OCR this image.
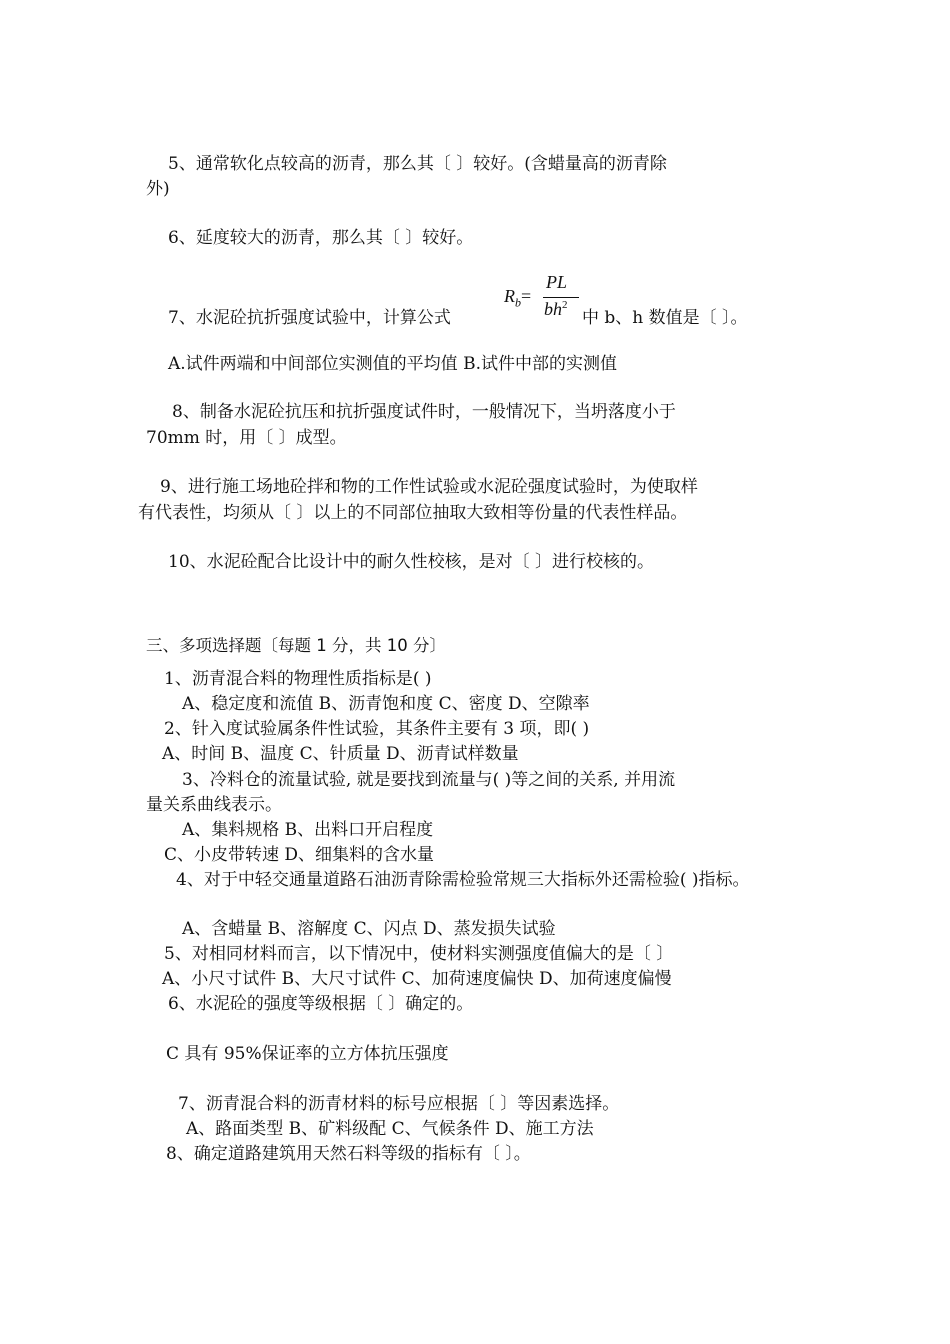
5、通常软化点较高的沥青，那么其〔 〕较好。(含蜡量高的沥青除
外)
6、延度较大的沥青，那么其〔 〕较好。
7、水泥砼抗折强度试验中，计算公式
$R_b=$
PL
$bh^2$
中 b、h 数值是〔 〕。
A.试件两端和中间部位实测值的平均值 B.试件中部的实测值
8、制备水泥砼抗压和抗折强度试件时，一般情况下，当坍落度小于
70mm 时，用〔 〕成型。
9、进行施工场地砼拌和物的工作性试验或水泥砼强度试验时，为使取样
有代表性，均须从〔 〕以上的不同部位抽取大致相等份量的代表性样品。
10、水泥砼配合比设计中的耐久性校核，是对〔 〕进行校核的。
三、多项选择题〔每题 1 分，共 10 分〕
1、沥青混合料的物理性质指标是( )
A、稳定度和流值 B、沥青饱和度 C、密度 D、空隙率
2、针入度试验属条件性试验，其条件主要有 3 项，即( )
A、时间 B、温度 C、针质量 D、沥青试样数量
3、冷料仓的流量试验, 就是要找到流量与( )等之间的关系, 并用流
量关系曲线表示。
A、集料规格 B、出料口开启程度
C、小皮带转速 D、细集料的含水量
4、对于中轻交通量道路石油沥青除需检验常规三大指标外还需检验( )指标。
A、含蜡量 B、溶解度 C、闪点 D、蒸发损失试验
5、对相同材料而言，以下情况中，使材料实测强度值偏大的是〔 〕
A、小尺寸试件 B、大尺寸试件 C、加荷速度偏快 D、加荷速度偏慢
6、水泥砼的强度等级根据〔 〕确定的。
C 具有 95%保证率的立方体抗压强度
7、沥青混合料的沥青材料的标号应根据〔 〕等因素选择。
A、路面类型 B、矿料级配 C、气候条件 D、施工方法
8、确定道路建筑用天然石料等级的指标有〔 〕。
